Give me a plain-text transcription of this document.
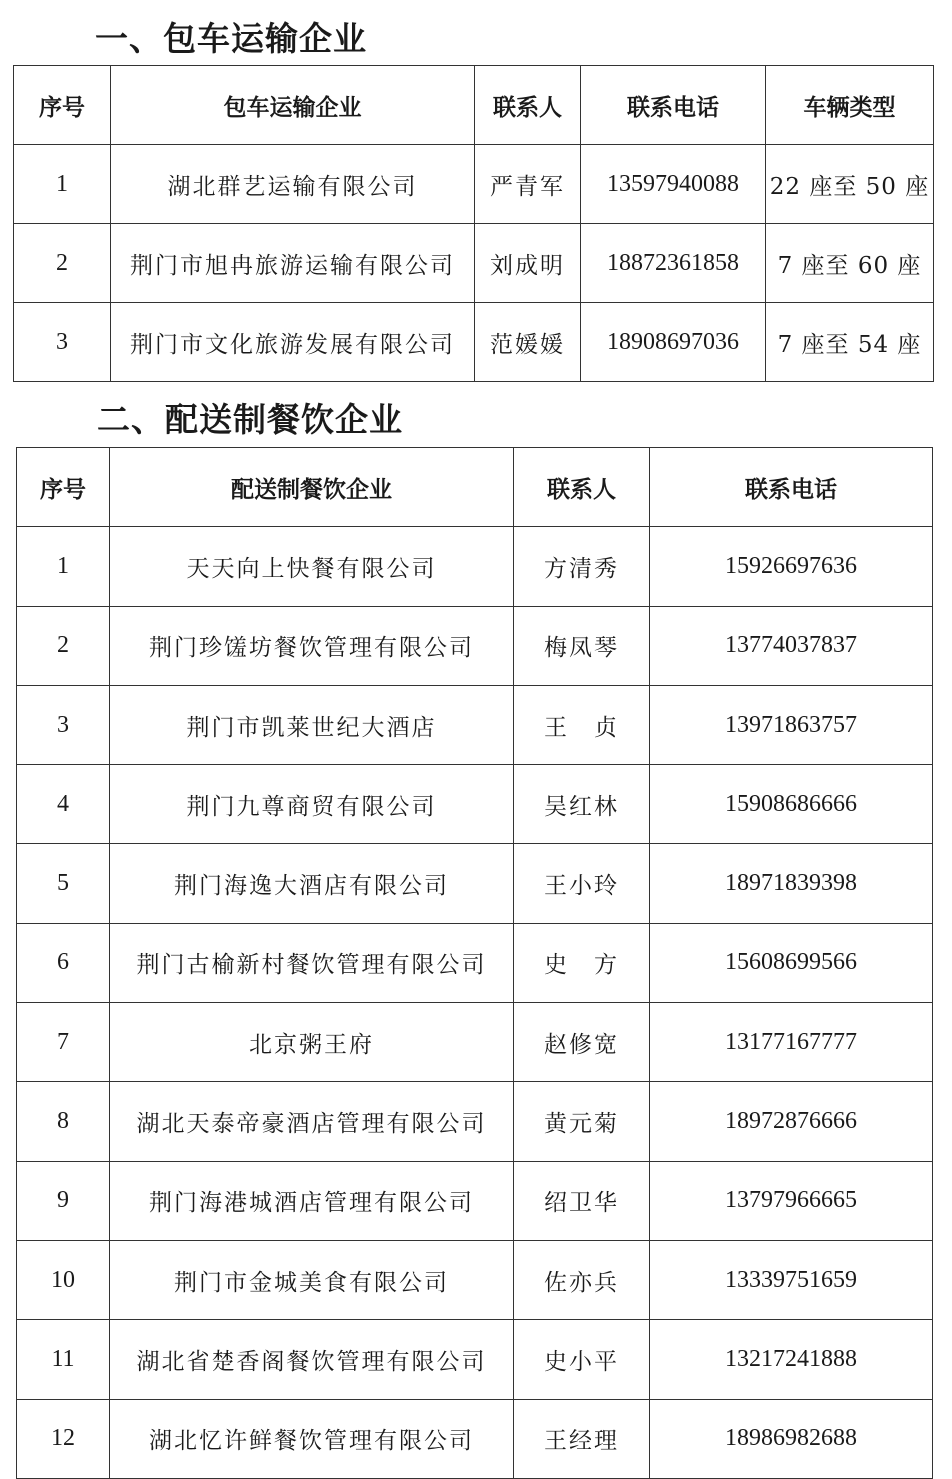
一、包车运输企业
序号	包车运输企业	联系人	联系电话	车辆类型
1	湖北群艺运输有限公司	严青军	13597940088	22 座至 50 座
2	荆门市旭冉旅游运输有限公司	刘成明	18872361858	7 座至 60 座
3	荆门市文化旅游发展有限公司	范媛媛	18908697036	7 座至 54 座
二、配送制餐饮企业
序号	配送制餐饮企业	联系人	联系电话
1	天天向上快餐有限公司	方清秀	15926697636
2	荆门珍馐坊餐饮管理有限公司	梅凤琴	13774037837
3	荆门市凯莱世纪大酒店	王　贞	13971863757
4	荆门九尊商贸有限公司	吴红林	15908686666
5	荆门海逸大酒店有限公司	王小玲	18971839398
6	荆门古榆新村餐饮管理有限公司	史　方	15608699566
7	北京粥王府	赵修宽	13177167777
8	湖北天泰帝豪酒店管理有限公司	黄元菊	18972876666
9	荆门海港城酒店管理有限公司	绍卫华	13797966665
10	荆门市金城美食有限公司	佐亦兵	13339751659
11	湖北省楚香阁餐饮管理有限公司	史小平	13217241888
12	湖北忆许鲜餐饮管理有限公司	王经理	18986982688
